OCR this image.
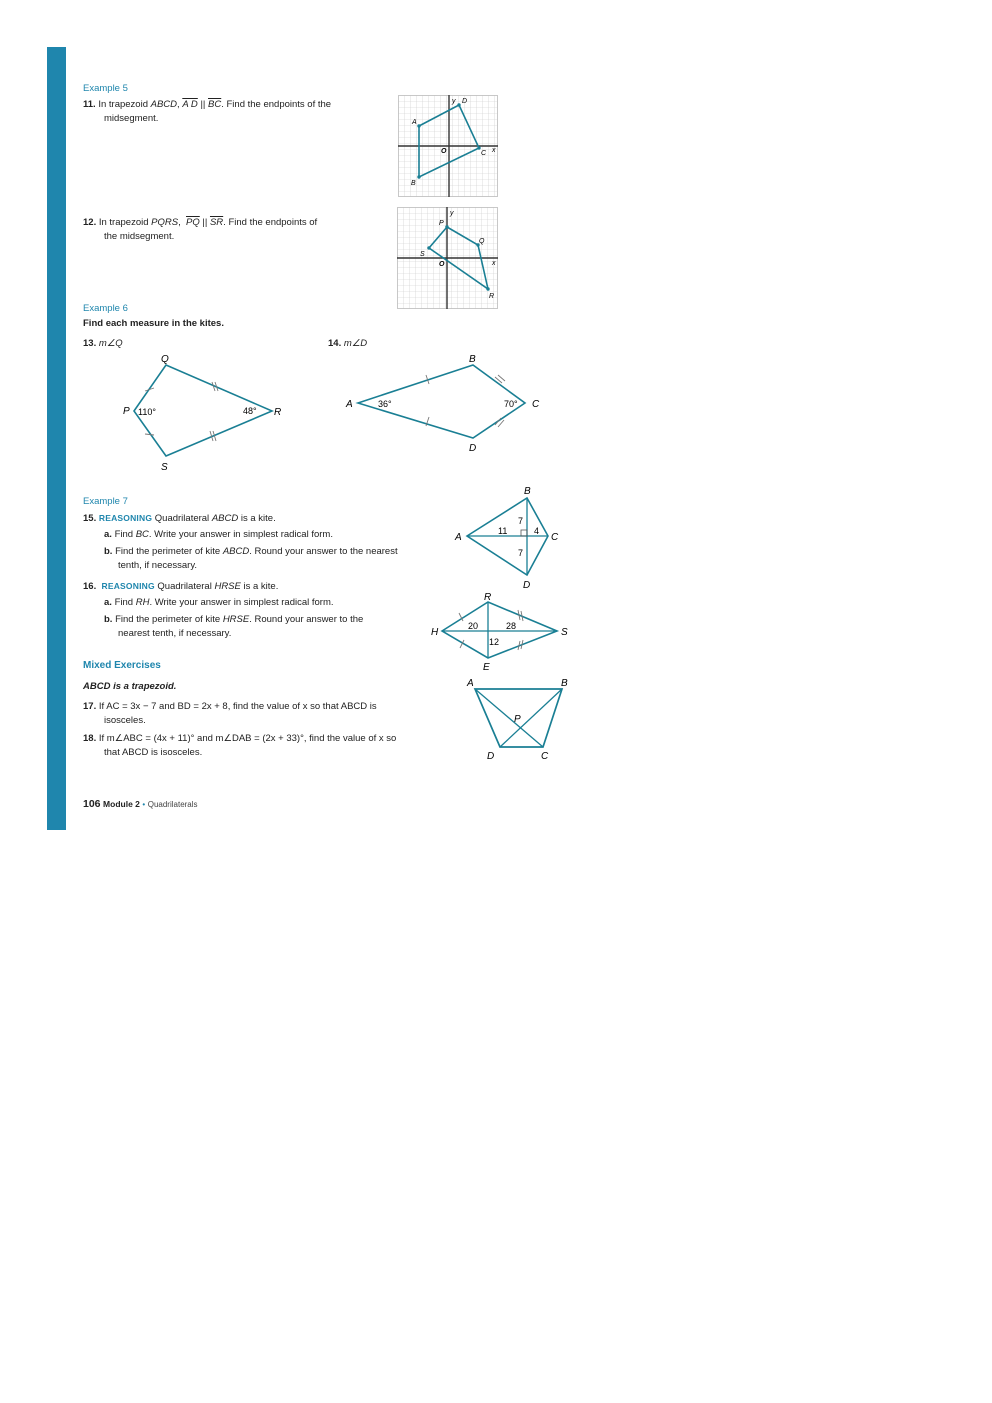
Example 5
11. In trapezoid ABCD, A D || $\overline{BC}$. Find the endpoints of the
midsegment.
y
x
O
A
D
C
B
12. In trapezoid PQRS, $\overline{PQ}$ || $\overline{SR}$. Find the endpoints of
the midsegment.
y
x
O
P
Q
R
S
Example 6
Find each measure in the kites.
13. m∠Q	14. m∠D
Q
P	R
S
110°	48°
B
A	C
D
36°	70°
Example 7
15. REASONING Quadrilateral ABCD is a kite.
a. Find BC. Write your answer in simplest radical form.
b. Find the perimeter of kite ABCD. Round your answer to the nearest
tenth, if necessary.
16. REASONING Quadrilateral HRSE is a kite.
a. Find RH. Write your answer in simplest radical form.
b. Find the perimeter of kite HRSE. Round your answer to the
nearest tenth, if necessary.
B
A	C
D
11
7
4
7
R
H	S
E
20	28
12
Mixed Exercises
ABCD is a trapezoid.
17. If AC = 3x − 7 and BD = 2x + 8, find the value of x so that ABCD is
isosceles.
18. If m∠ABC = (4x + 11)° and m∠DAB = (2x + 33)°, find the value of x so
that ABCD is isosceles.
A	B
C
D
P
106 Module 2 • Quadrilaterals
